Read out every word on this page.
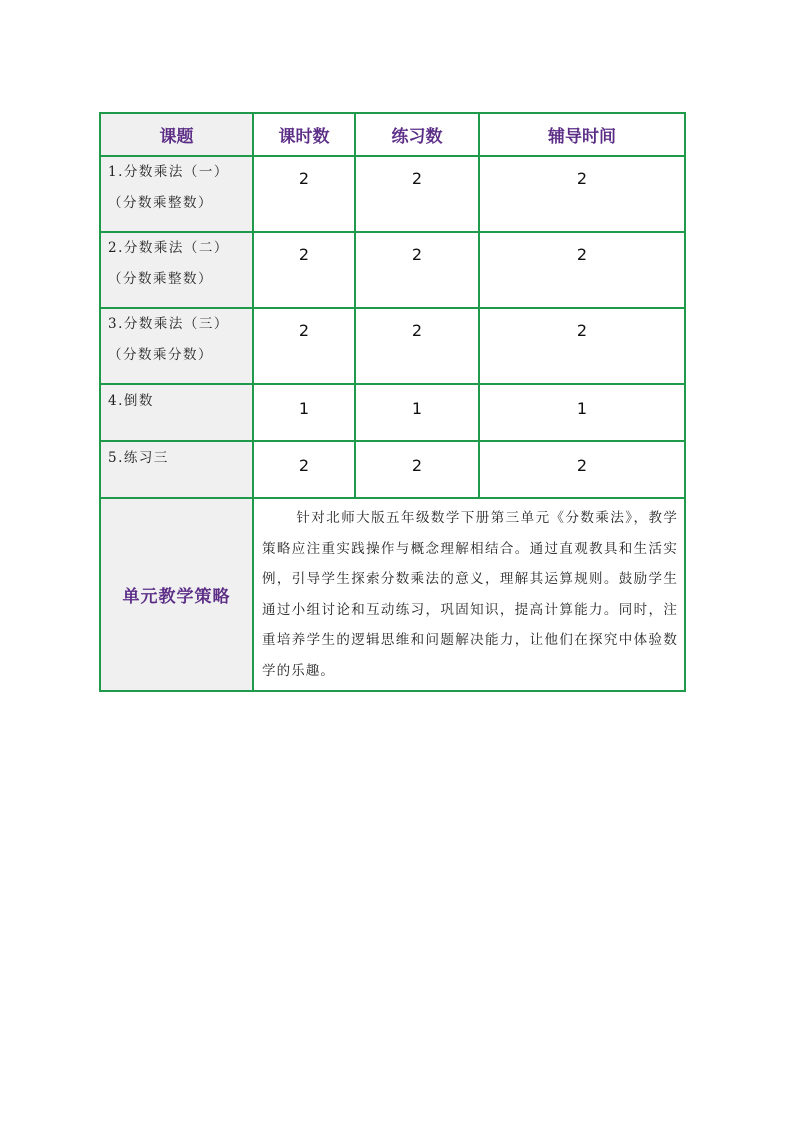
课题	课时数	练习数	辅导时间

1.分数乘法（一）
（分数乘整数）	2	2	2

2.分数乘法（二）
（分数乘整数）	2	2	2

3.分数乘法（三）
（分数乘分数）	2	2	2

4.倒数	1	1	1

5.练习三	2	2	2
单元教学策略	针对北师大版五年级数学下册第三单元《分数乘法》，教学策略应注重实践操作与概念理解相结合。通过直观教具和生活实例，引导学生探索分数乘法的意义，理解其运算规则。鼓励学生通过小组讨论和互动练习，巩固知识，提高计算能力。同时，注重培养学生的逻辑思维和问题解决能力，让他们在探究中体验数学的乐趣。		
